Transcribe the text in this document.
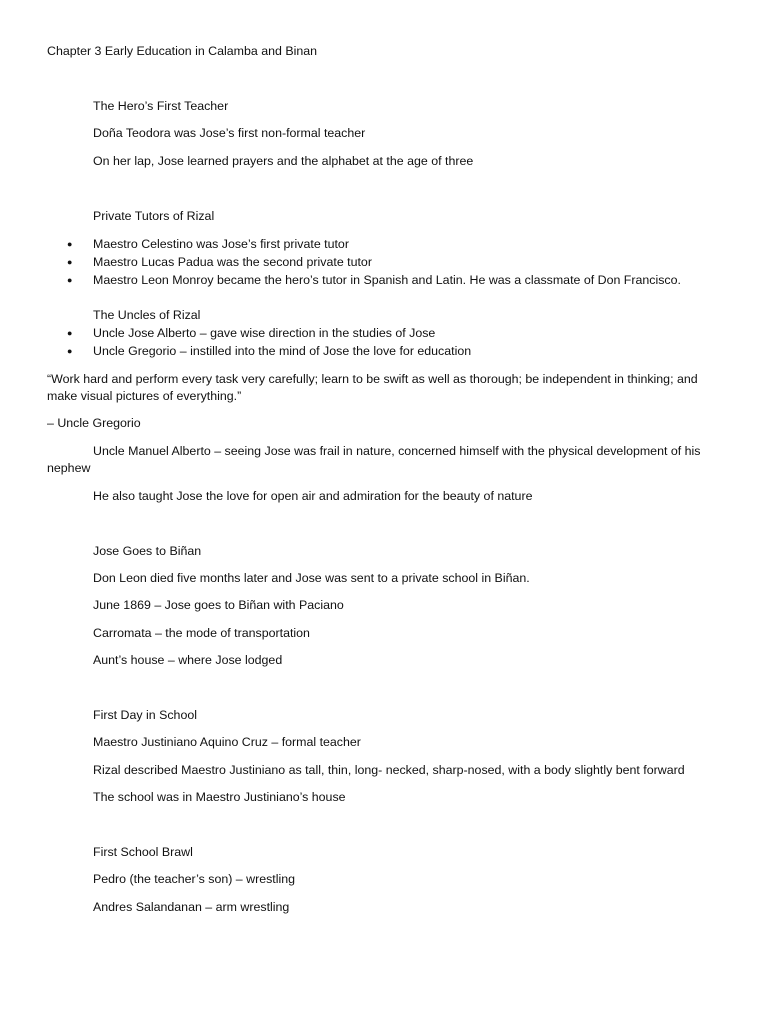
Chapter 3 Early Education in Calamba and Binan
The Hero’s First Teacher
Doña Teodora was Jose’s first non-formal teacher
On her lap, Jose learned prayers and the alphabet at the age of three
Private Tutors of Rizal
● Maestro Celestino was Jose’s first private tutor
● Maestro Lucas Padua was the second private tutor
● Maestro Leon Monroy became the hero’s tutor in Spanish and Latin. He was a classmate of Don Francisco.
The Uncles of Rizal
● Uncle Jose Alberto – gave wise direction in the studies of Jose
● Uncle Gregorio – instilled into the mind of Jose the love for education
“Work hard and perform every task very carefully; learn to be swift as well as thorough; be independent in thinking; and make visual pictures of everything.”
– Uncle Gregorio
Uncle Manuel Alberto – seeing Jose was frail in nature, concerned himself with the physical development of his nephew
He also taught Jose the love for open air and admiration for the beauty of nature
Jose Goes to Biñan
Don Leon died five months later and Jose was sent to a private school in Biñan.
June 1869 – Jose goes to Biñan with Paciano
Carromata – the mode of transportation
Aunt’s house – where Jose lodged
First Day in School
Maestro Justiniano Aquino Cruz – formal teacher
Rizal described Maestro Justiniano as tall, thin, long- necked, sharp-nosed, with a body slightly bent forward
The school was in Maestro Justiniano’s house
First School Brawl
Pedro (the teacher’s son) – wrestling
Andres Salandanan – arm wrestling
